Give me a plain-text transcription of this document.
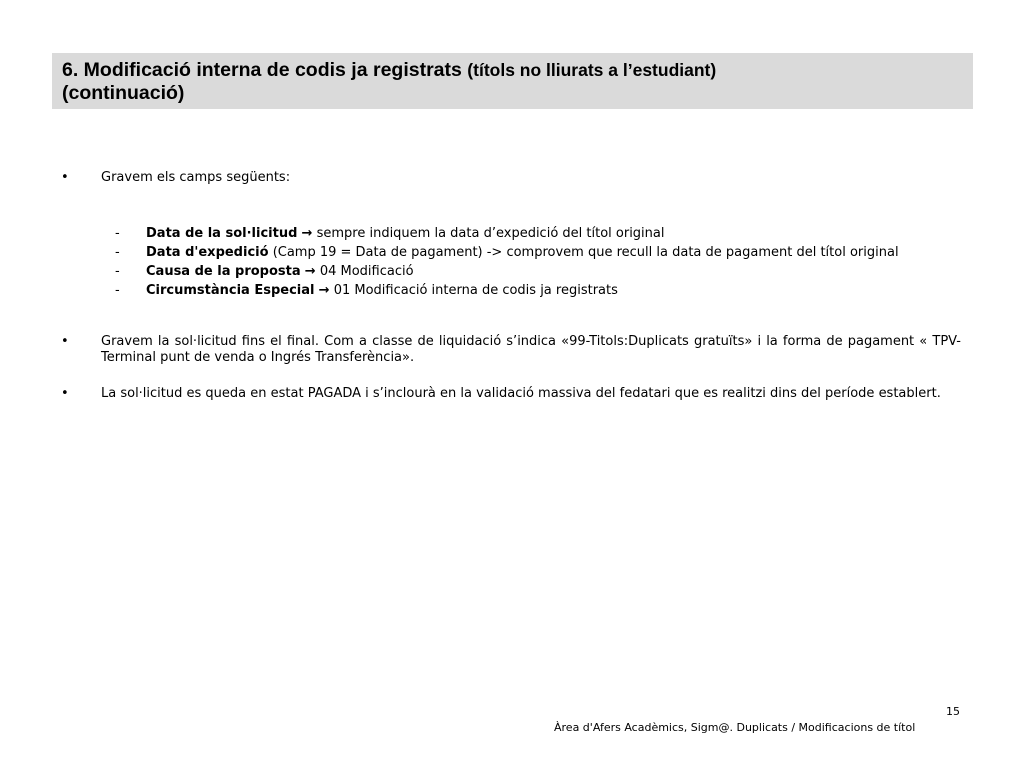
6. Modificació interna de codis ja registrats (títols no lliurats a l’estudiant)
(continuació)
•	Gravem els camps següents:
- Data de la sol·licitud → sempre indiquem la data d’expedició del títol original
- Data d'expedició (Camp 19 = Data de pagament) -> comprovem que recull la data de pagament del títol original
- Causa de la proposta → 04 Modificació
- Circumstància Especial → 01 Modificació interna de codis ja registrats
•	Gravem la sol·licitud fins el final. Com a classe de liquidació s’indica «99-Titols:Duplicats gratuïts» i la forma de pagament « TPV-Terminal punt de venda o Ingrés Transferència».
•	La sol·licitud es queda en estat PAGADA i s’inclourà en la validació massiva del fedatari que es realitzi dins del període establert.
15
Àrea d'Afers Acadèmics, Sigm@. Duplicats / Modificacions de títol
